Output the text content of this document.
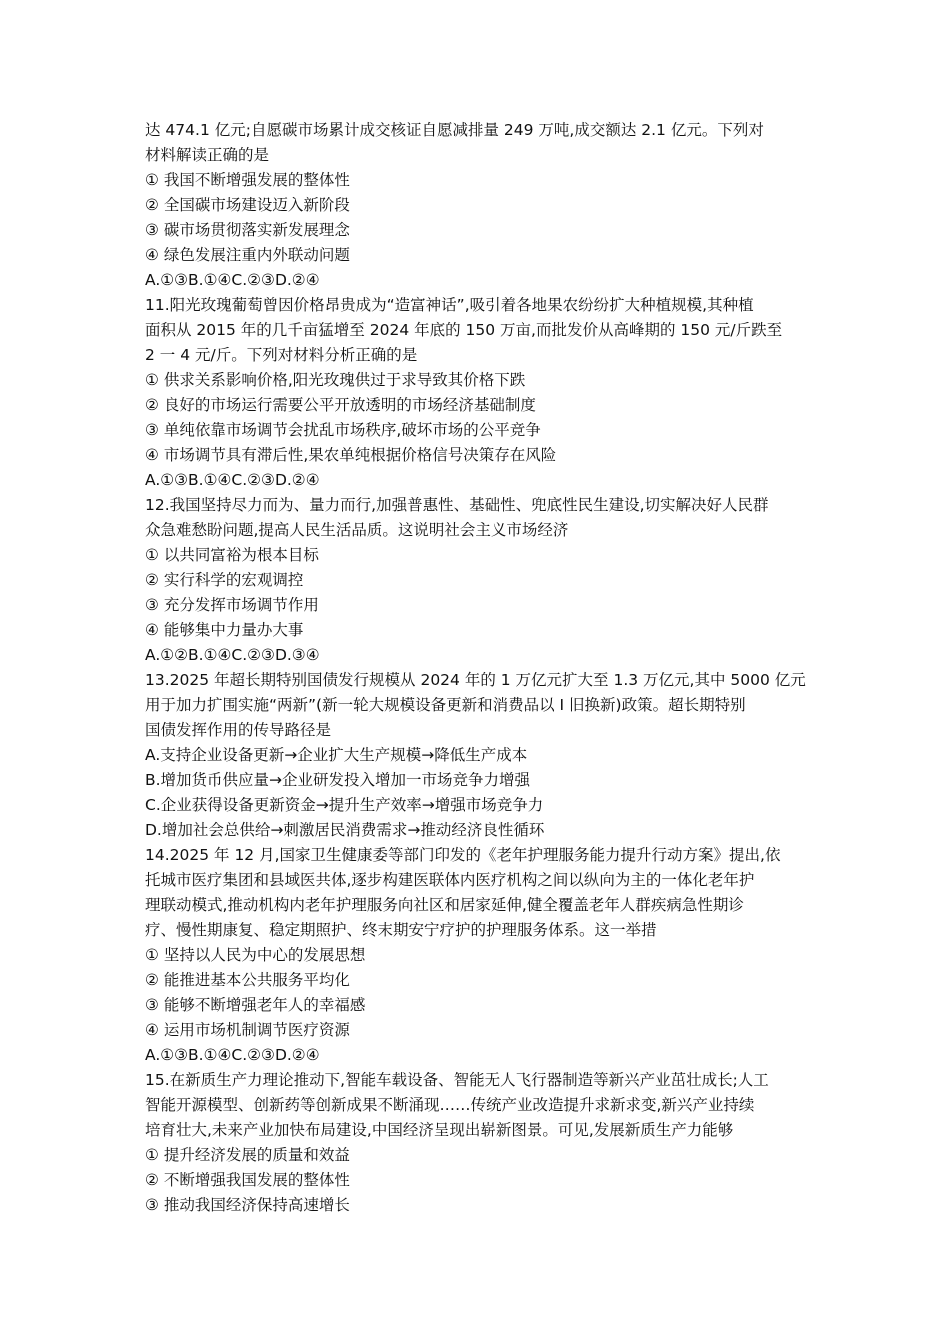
达 474.1 亿元;自愿碳市场累计成交核证自愿减排量 249 万吨,成交额达 2.1 亿元。下列对
材料解读正确的是
① 我国不断增强发展的整体性
② 全国碳市场建设迈入新阶段
③ 碳市场贯彻落实新发展理念
④ 绿色发展注重内外联动问题
A.①③B.①④C.②③D.②④
11.阳光玫瑰葡萄曾因价格昂贵成为“造富神话”,吸引着各地果农纷纷扩大种植规模,其种植
面积从 2015 年的几千亩猛增至 2024 年底的 150 万亩,而批发价从高峰期的 150 元/斤跌至
2 一 4 元/斤。下列对材料分析正确的是
① 供求关系影响价格,阳光玫瑰供过于求导致其价格下跌
② 良好的市场运行需要公平开放透明的市场经济基础制度
③ 单纯依靠市场调节会扰乱市场秩序,破坏市场的公平竞争
④ 市场调节具有滞后性,果农单纯根据价格信号决策存在风险
A.①③B.①④C.②③D.②④
12.我国坚持尽力而为、量力而行,加强普惠性、基础性、兜底性民生建设,切实解决好人民群
众急难愁盼问题,提高人民生活品质。这说明社会主义市场经济
① 以共同富裕为根本目标
② 实行科学的宏观调控
③ 充分发挥市场调节作用
④ 能够集中力量办大事
A.①②B.①④C.②③D.③④
13.2025 年超长期特别国债发行规模从 2024 年的 1 万亿元扩大至 1.3 万亿元,其中 5000 亿元
用于加力扩围实施“两新”(新一轮大规模设备更新和消费品以 I 旧换新)政策。超长期特别
国债发挥作用的传导路径是
A.支持企业设备更新→企业扩大生产规模→降低生产成本
B.增加货币供应量→企业研发投入增加一市场竞争力增强
C.企业获得设备更新资金→提升生产效率→增强市场竞争力
D.增加社会总供给→刺激居民消费需求→推动经济良性循环
14.2025 年 12 月,国家卫生健康委等部门印发的《老年护理服务能力提升行动方案》提出,依
托城市医疗集团和县域医共体,逐步构建医联体内医疗机构之间以纵向为主的一体化老年护
理联动模式,推动机构内老年护理服务向社区和居家延伸,健全覆盖老年人群疾病急性期诊
疗、慢性期康复、稳定期照护、终末期安宁疗护的护理服务体系。这一举措
① 坚持以人民为中心的发展思想
② 能推进基本公共服务平均化
③ 能够不断增强老年人的幸福感
④ 运用市场机制调节医疗资源
A.①③B.①④C.②③D.②④
15.在新质生产力理论推动下,智能车载设备、智能无人飞行器制造等新兴产业茁壮成长;人工
智能开源模型、创新药等创新成果不断涌现……传统产业改造提升求新求变,新兴产业持续
培育壮大,未来产业加快布局建设,中国经济呈现出崭新图景。可见,发展新质生产力能够
① 提升经济发展的质量和效益
② 不断增强我国发展的整体性
③ 推动我国经济保持高速增长
